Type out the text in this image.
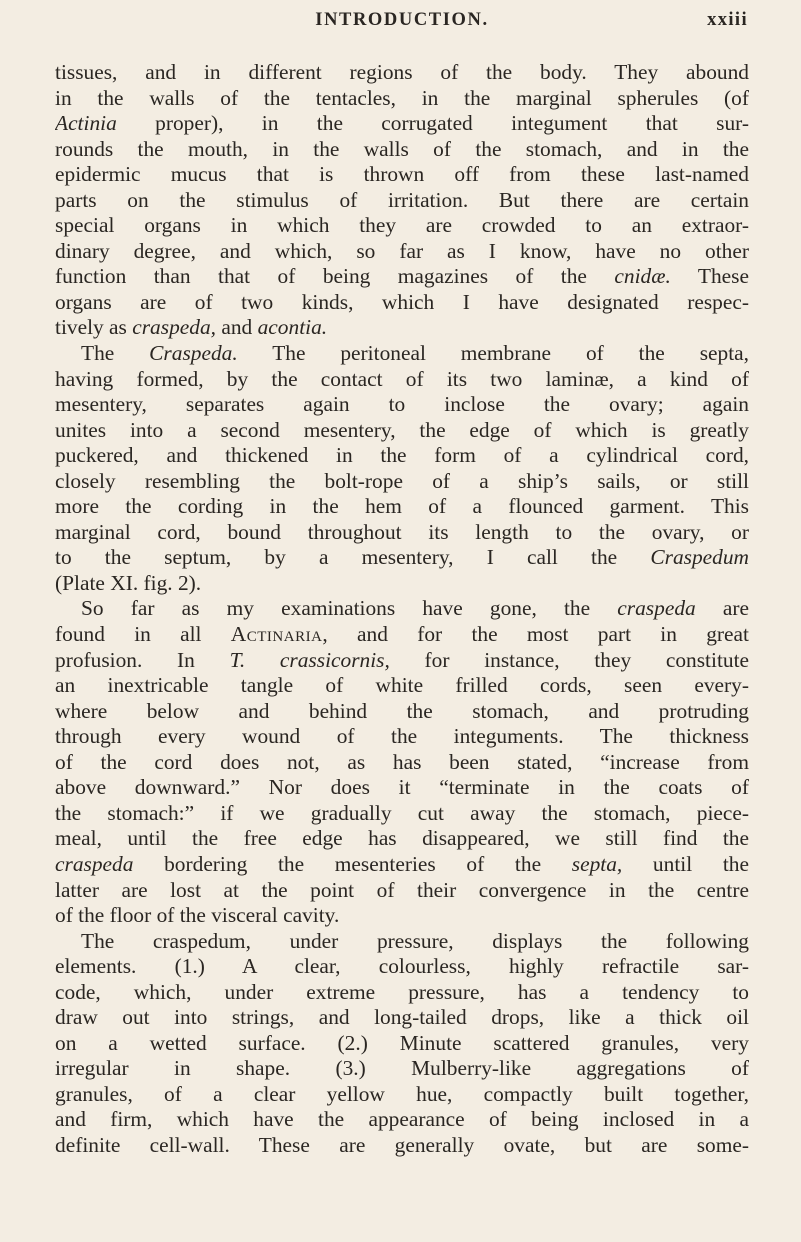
INTRODUCTION.	xxiii
tissues, and in different regions of the body. They abound
in the walls of the tentacles, in the marginal spherules (of
Actinia proper), in the corrugated integument that sur-
rounds the mouth, in the walls of the stomach, and in the
epidermic mucus that is thrown off from these last-named
parts on the stimulus of irritation. But there are certain
special organs in which they are crowded to an extraor-
dinary degree, and which, so far as I know, have no other
function than that of being magazines of the cnidæ. These
organs are of two kinds, which I have designated respec-
tively as craspeda, and acontia.
The Craspeda. The peritoneal membrane of the septa,
having formed, by the contact of its two laminæ, a kind of
mesentery, separates again to inclose the ovary; again
unites into a second mesentery, the edge of which is greatly
puckered, and thickened in the form of a cylindrical cord,
closely resembling the bolt-rope of a ship’s sails, or still
more the cording in the hem of a flounced garment. This
marginal cord, bound throughout its length to the ovary, or
to the septum, by a mesentery, I call the Craspedum
(Plate XI. fig. 2).
So far as my examinations have gone, the craspeda are
found in all Actinaria, and for the most part in great
profusion. In T. crassicornis, for instance, they constitute
an inextricable tangle of white frilled cords, seen every-
where below and behind the stomach, and protruding
through every wound of the integuments. The thickness
of the cord does not, as has been stated, “increase from
above downward.” Nor does it “terminate in the coats of
the stomach:” if we gradually cut away the stomach, piece-
meal, until the free edge has disappeared, we still find the
craspeda bordering the mesenteries of the septa, until the
latter are lost at the point of their convergence in the centre
of the floor of the visceral cavity.
The craspedum, under pressure, displays the following
elements. (1.) A clear, colourless, highly refractile sar-
code, which, under extreme pressure, has a tendency to
draw out into strings, and long-tailed drops, like a thick oil
on a wetted surface. (2.) Minute scattered granules, very
irregular in shape. (3.) Mulberry-like aggregations of
granules, of a clear yellow hue, compactly built together,
and firm, which have the appearance of being inclosed in a
definite cell-wall. These are generally ovate, but are some-
